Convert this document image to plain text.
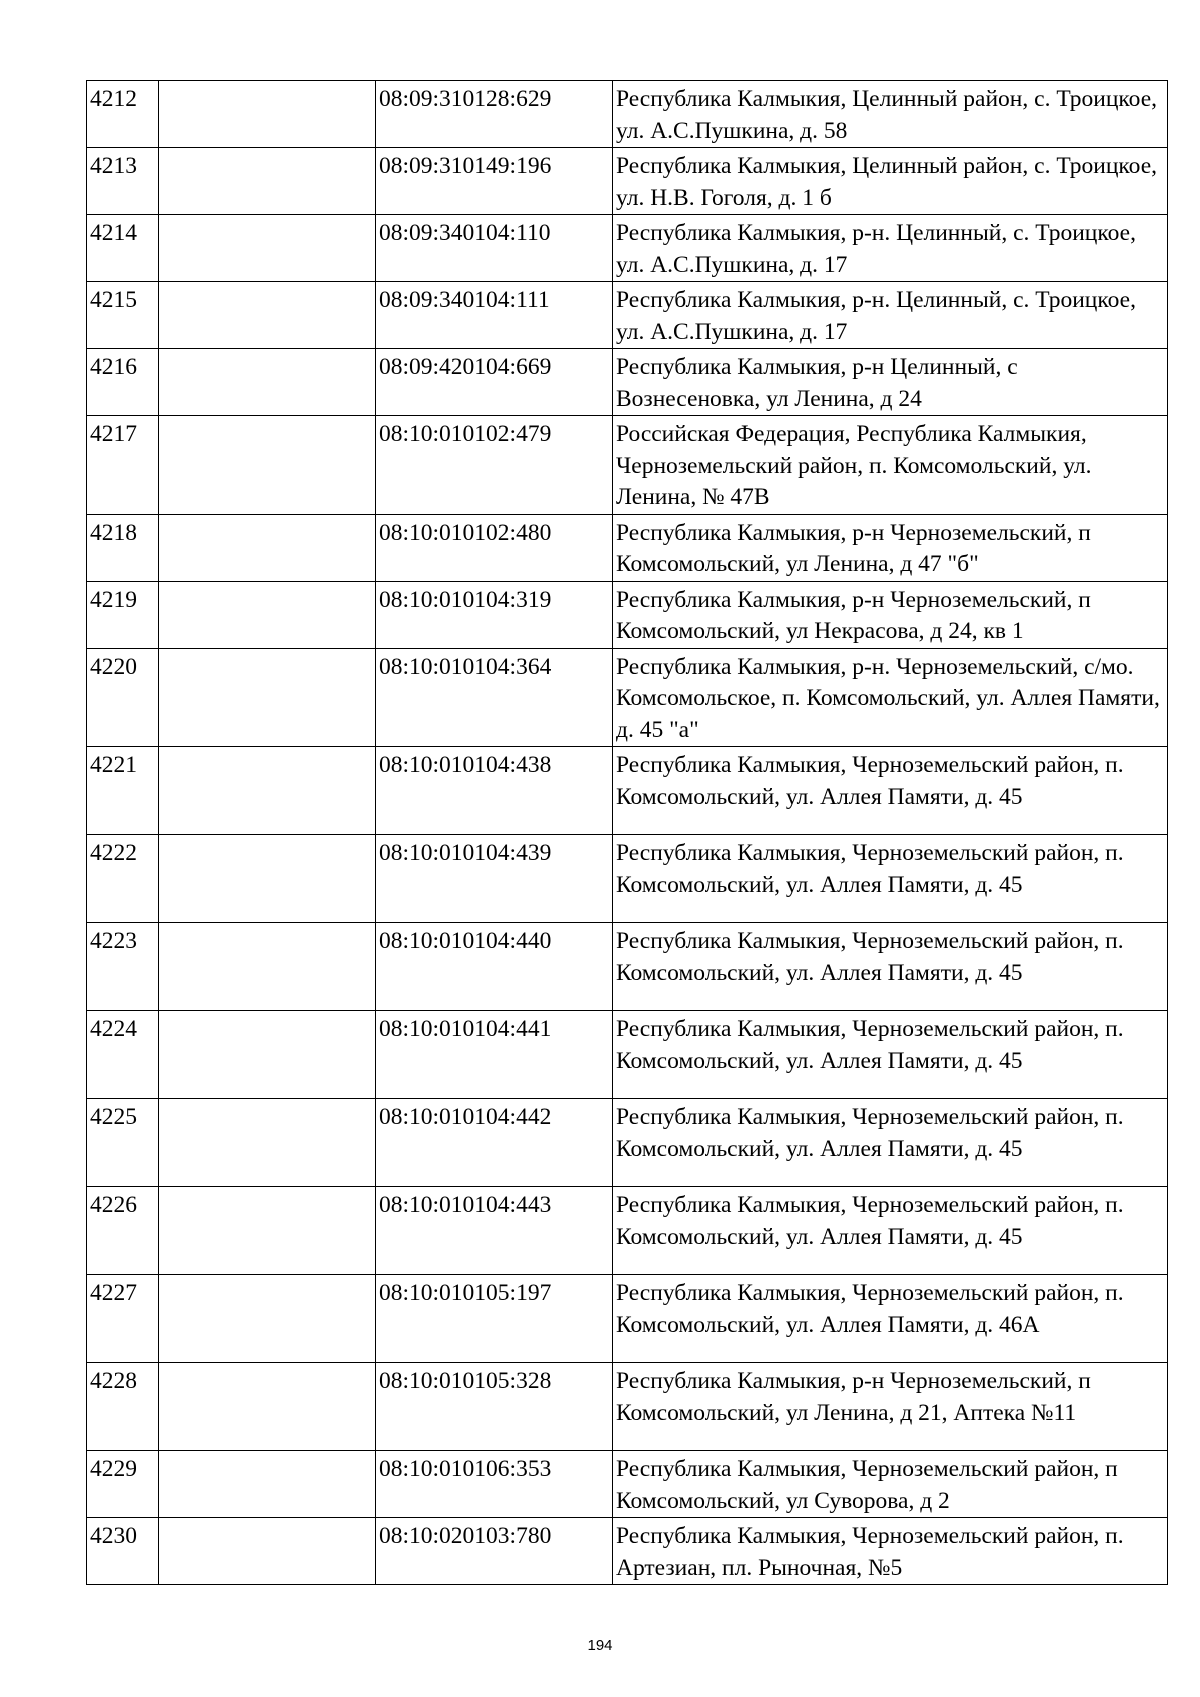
4212		08:09:310128:629	Республика Калмыкия, Целинный район, с. Троицкое, ул. А.С.Пушкина, д. 58
4213		08:09:310149:196	Республика Калмыкия, Целинный район, с. Троицкое, ул. Н.В. Гоголя, д. 1 б
4214		08:09:340104:110	Республика Калмыкия, р-н. Целинный, с. Троицкое, ул. А.С.Пушкина, д. 17
4215		08:09:340104:111	Республика Калмыкия, р-н. Целинный, с. Троицкое, ул. А.С.Пушкина, д. 17
4216		08:09:420104:669	Республика Калмыкия, р-н Целинный, с Вознесеновка, ул Ленина, д 24
4217		08:10:010102:479	Российская Федерация, Республика Калмыкия, Черноземельский район, п. Комсомольский, ул. Ленина, № 47В
4218		08:10:010102:480	Республика Калмыкия, р-н Черноземельский, п Комсомольский, ул Ленина, д 47 "б"
4219		08:10:010104:319	Республика Калмыкия, р-н Черноземельский, п Комсомольский, ул Некрасова, д 24, кв 1
4220		08:10:010104:364	Республика Калмыкия, р-н. Черноземельский, с/мо. Комсомольское, п. Комсомольский, ул. Аллея Памяти, д. 45 "а"
4221		08:10:010104:438	Республика Калмыкия, Черноземельский район, п. Комсомольский, ул. Аллея Памяти, д. 45
4222		08:10:010104:439	Республика Калмыкия, Черноземельский район, п. Комсомольский, ул. Аллея Памяти, д. 45
4223		08:10:010104:440	Республика Калмыкия, Черноземельский район, п. Комсомольский, ул. Аллея Памяти, д. 45
4224		08:10:010104:441	Республика Калмыкия, Черноземельский район, п. Комсомольский, ул. Аллея Памяти, д. 45
4225		08:10:010104:442	Республика Калмыкия, Черноземельский район, п. Комсомольский, ул. Аллея Памяти, д. 45
4226		08:10:010104:443	Республика Калмыкия, Черноземельский район, п. Комсомольский, ул. Аллея Памяти, д. 45
4227		08:10:010105:197	Республика Калмыкия, Черноземельский район, п. Комсомольский, ул. Аллея Памяти, д. 46А
4228		08:10:010105:328	Республика Калмыкия, р-н Черноземельский, п Комсомольский, ул Ленина, д 21, Аптека №11
4229		08:10:010106:353	Республика Калмыкия, Черноземельский район, п Комсомольский, ул Суворова, д 2
4230		08:10:020103:780	Республика Калмыкия, Черноземельский район, п. Артезиан, пл. Рыночная, №5
194
